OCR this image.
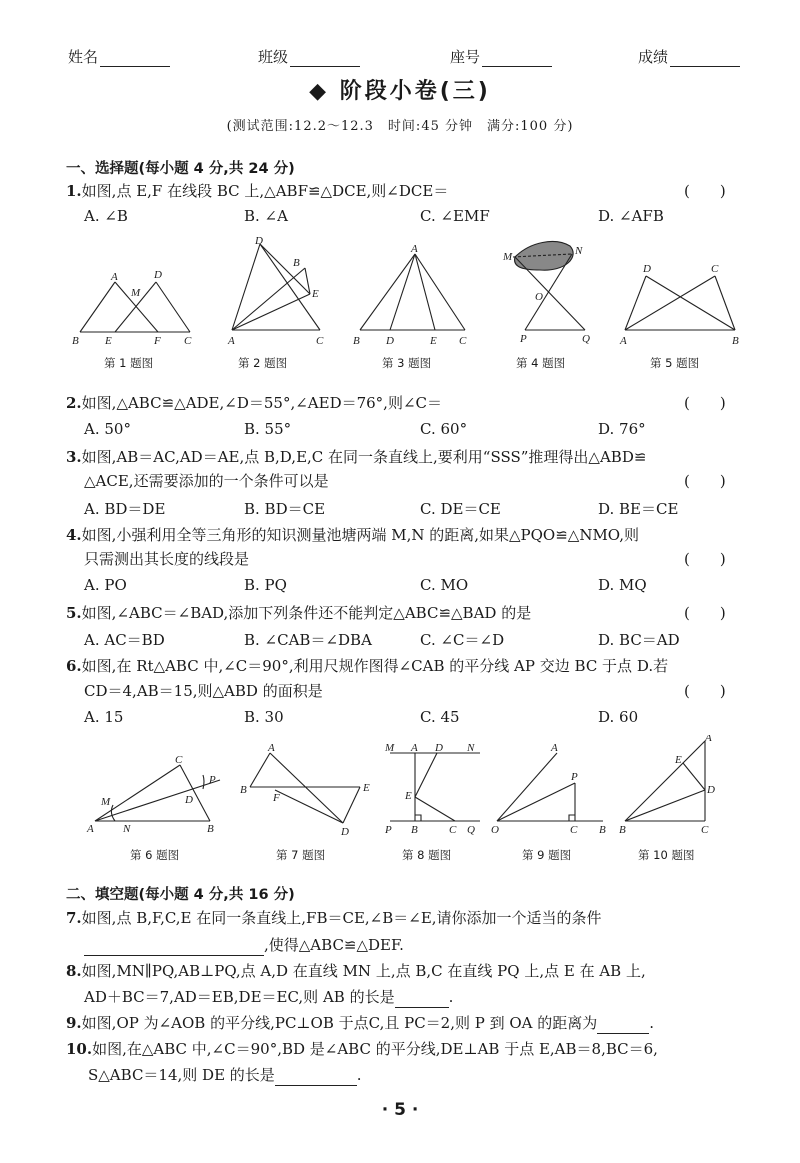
姓名	班级	座号	成绩
◆ 阶段小卷(三)
(测试范围:12.2～12.3　时间:45 分钟　满分:100 分)
一、选择题(每小题 4 分,共 24 分)
1.如图,点 E,F 在线段 BC 上,△ABF≌△DCE,则∠DCE＝	(　　)
A. ∠B	B. ∠A	C. ∠EMF	D. ∠AFB
B E	F C
A	D
M
A	C
D
B
E
B D	E C
A
M	N
O
P	Q	A	B
D	C
第 1 题图	第 2 题图	第 3 题图	第 4 题图	第 5 题图
2.如图,△ABC≌△ADE,∠D＝55°,∠AED＝76°,则∠C＝	(　　)
A. 50°	B. 55°	C. 60°	D. 76°
3.如图,AB＝AC,AD＝AE,点 B,D,E,C 在同一条直线上,要利用“SSS”推理得出△ABD≌
△ACE,还需要添加的一个条件可以是	(　　)
A. BD＝DE	B. BD＝CE	C. DE＝CE	D. BE＝CE
4.如图,小强利用全等三角形的知识测量池塘两端 M,N 的距离,如果△PQO≌△NMO,则
只需测出其长度的线段是	(　　)
A. PO	B. PQ	C. MO	D. MQ
5.如图,∠ABC＝∠BAD,添加下列条件还不能判定△ABC≌△BAD 的是	(　　)
A. AC＝BD	B. ∠CAB＝∠DBA	C. ∠C＝∠D	D. BC＝AD
6.如图,在 Rt△ABC 中,∠C＝90°,利用尺规作图得∠CAB 的平分线 AP 交边 BC 于点 D.若
CD＝4,AB＝15,则△ABD 的面积是	(　　)
A. 15	B. 30	C. 45	D. 60
A	N	B
C
D
M
P
A
B
F
E
D
M A D N
P B	C Q
E
O	C B
A
P
B	C
A
D
E
第 6 题图	第 7 题图	第 8 题图	第 9 题图	第 10 题图
二、填空题(每小题 4 分,共 16 分)
7.如图,点 B,F,C,E 在同一条直线上,FB＝CE,∠B＝∠E,请你添加一个适当的条件
,使得△ABC≌△DEF.
8.如图,MN∥PQ,AB⊥PQ,点 A,D 在直线 MN 上,点 B,C 在直线 PQ 上,点 E 在 AB 上,
AD＋BC＝7,AD＝EB,DE＝EC,则 AB 的长是	.
9.如图,OP 为∠AOB 的平分线,PC⊥OB 于点C,且 PC＝2,则 P 到 OA 的距离为	.
10.如图,在△ABC 中,∠C＝90°,BD 是∠ABC 的平分线,DE⊥AB 于点 E,AB＝8,BC＝6,
S△ABC＝14,则 DE 的长是	.
· 5 ·
